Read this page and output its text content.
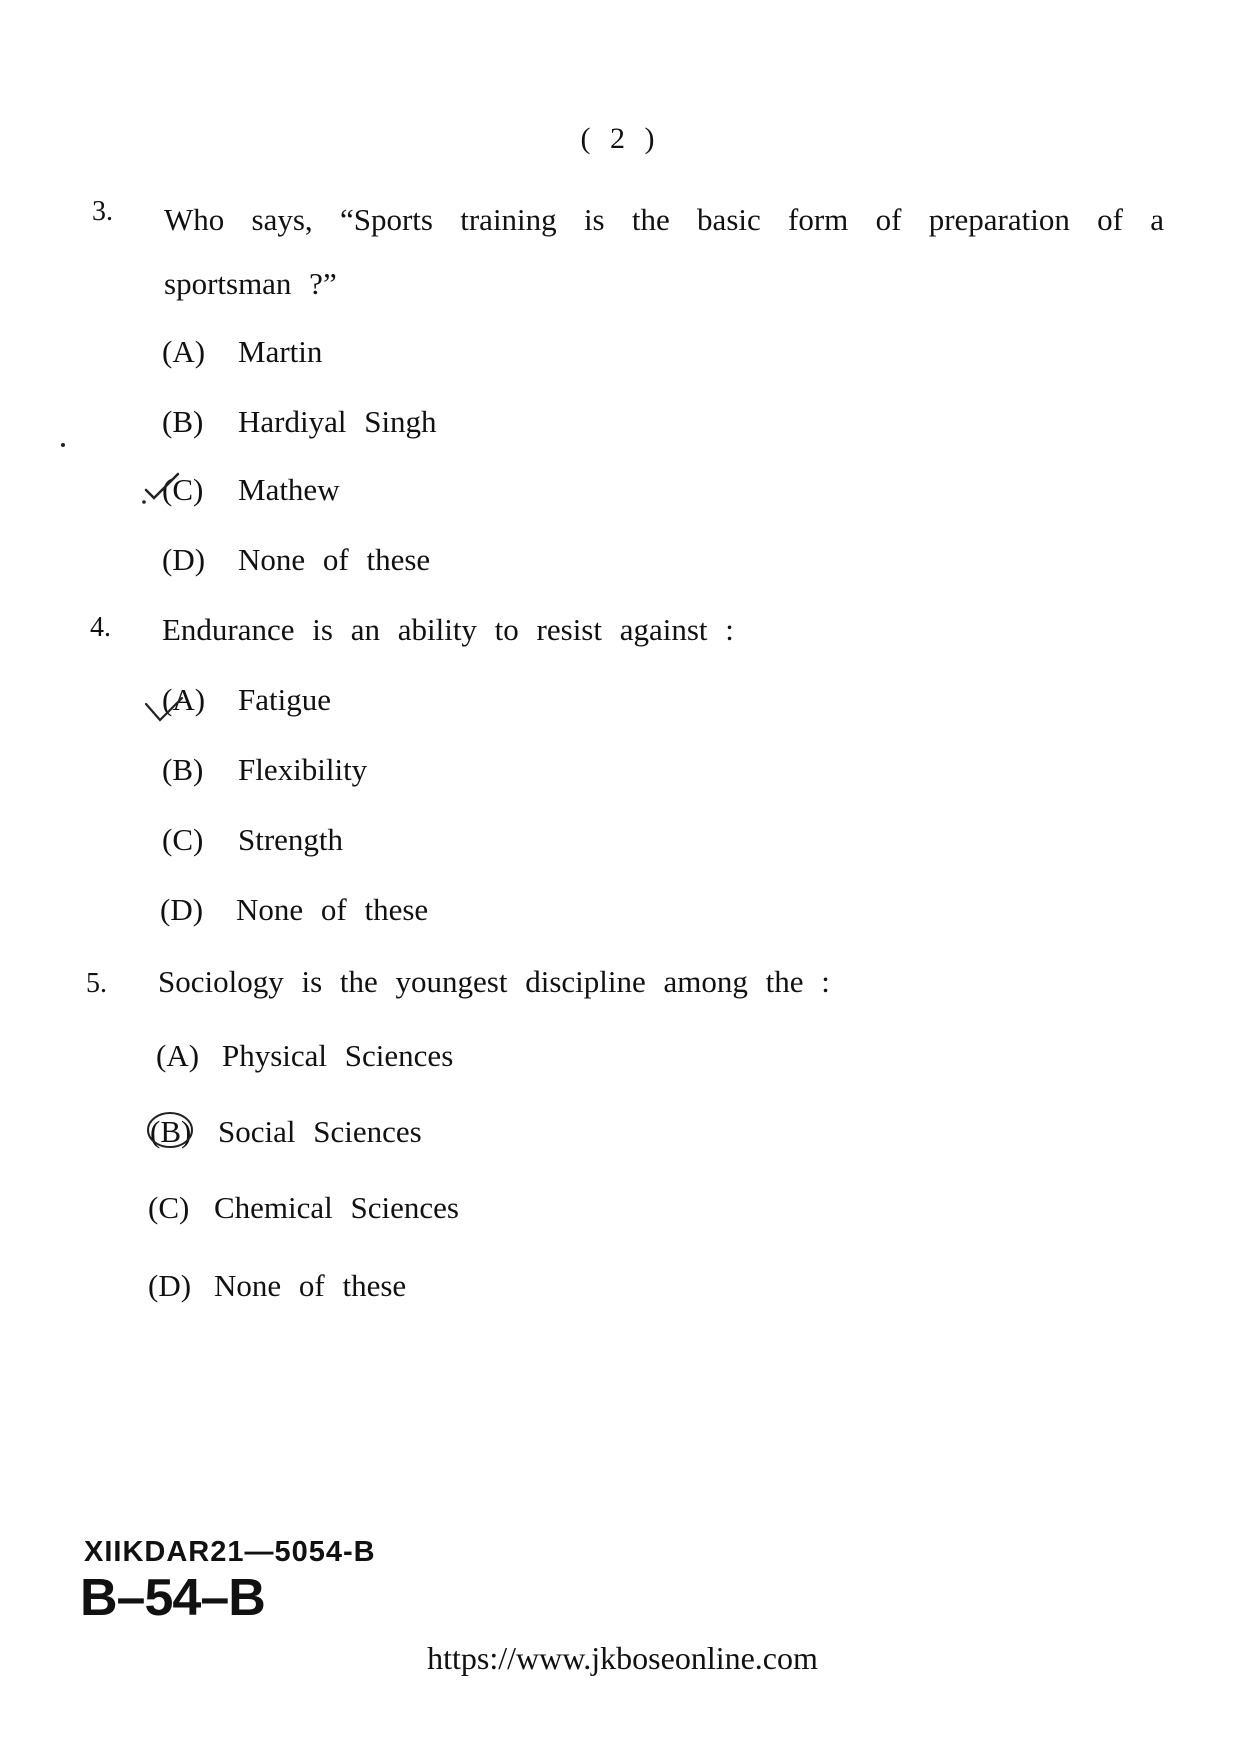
( 2 )
3. Who says, “Sports training is the basic form of preparation of a
sportsman ?”
(A) Martin
(B) Hardiyal Singh
(C) Mathew
(D) None of these
4. Endurance is an ability to resist against :
(A) Fatigue
(B) Flexibility
(C) Strength
(D) None of these
5. Sociology is the youngest discipline among the :
(A) Physical Sciences
(B) Social Sciences
(C) Chemical Sciences
(D) None of these
XIIKDAR21—5054-B
B–54–B
https://www.jkboseonline.com
